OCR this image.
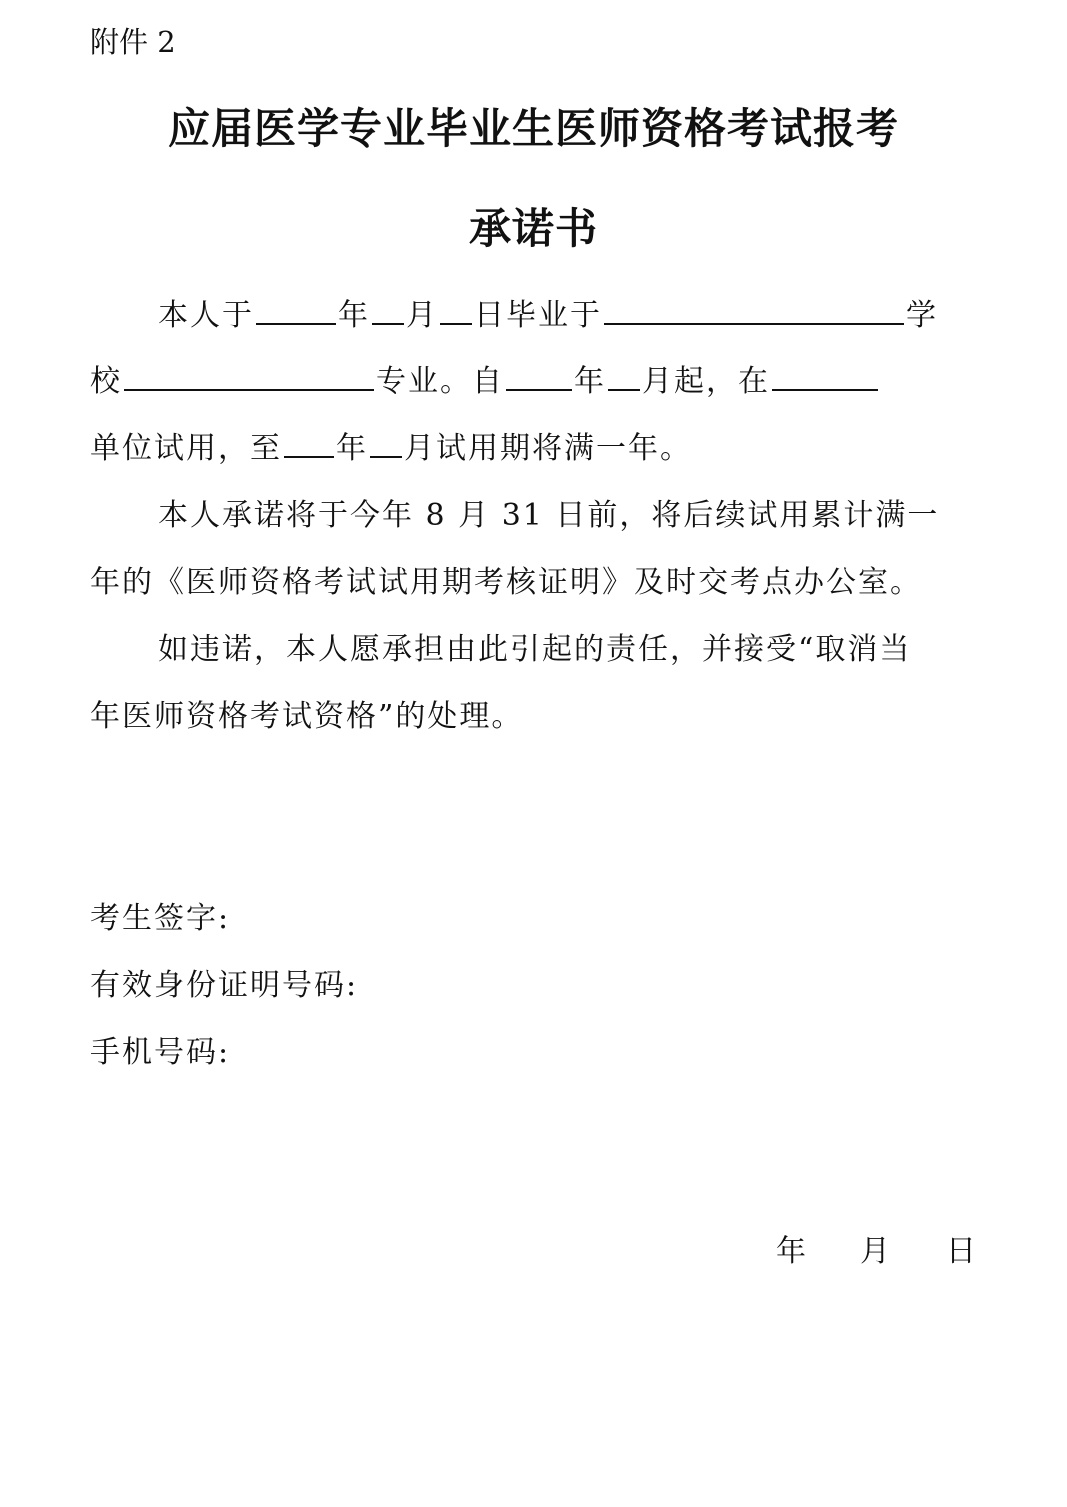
附件 2
应届医学专业毕业生医师资格考试报考
承诺书
本人于	年 月 日毕业于	学
校	专业。自 年 月起，在
单位试用，至 年 月试用期将满一年。
本人承诺将于今年 8 月 31 日前，将后续试用累计满一
年的《医师资格考试试用期考核证明》及时交考点办公室。
如违诺，本人愿承担由此引起的责任，并接受“取消当
年医师资格考试资格”的处理。
考生签字:
有效身份证明号码:
手机号码:
年 月 日
